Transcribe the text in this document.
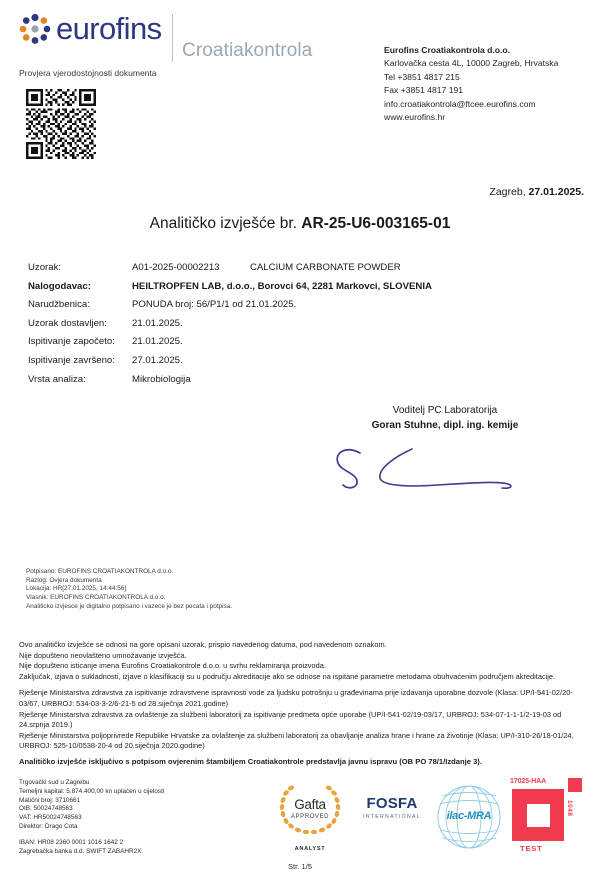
eurofins
Croatiakontrola
Provjera vjerodostojnosti dokumenta
Eurofins Croatiakontrola d.o.o.
Karlovačka cesta 4L, 10000 Zagreb, Hrvatska
Tel +3851 4817 215
Fax +3851 4817 191
info.croatiakontrola@ftcee.eurofins.com
www.eurofins.hr
Zagreb, 27.01.2025.
Analitičko izvješće br. AR-25-U6-003165-01
Uzorak:	A01-2025-00002213	CALCIUM CARBONATE POWDER
Nalogodavac:	HEILTROPFEN LAB, d.o.o., Borovci 64, 2281 Markovci, SLOVENIA
Narudžbenica:	PONUDA broj: 56/P1/1 od 21.01.2025.
Uzorak dostavljen:	21.01.2025.
Ispitivanje započeto:	21.01.2025.
Ispitivanje završeno:	27.01.2025.
Vrsta analiza:	Mikrobiologija
Voditelj PC Laboratorija
Goran Stuhne, dipl. ing. kemije
Potpisano: EUROFINS CROATIAKONTROLA d.o.o.
Razlog: Ovjera dokumenta
Lokacija: HR[27.01.2025, 14:44:56]
Vlasnik: EUROFINS CROATIAKONTROLA d.o.o.
Analiticko izvjesce je digitalno potpisano i vazece je bez pecata i potpisa.

Ovo analitičko izvješće se odnosi na gore opisani uzorak, prispio navedenog datuma, pod navedenom oznakom.

Nije dopušteno neovlašteno umnožavanje izvješća.

Nije dopušteno isticanje imena Eurofins Croatiakontrole d.o.o. u svrhu reklamiranja proizvoda.

Zaključak, izjava o sukladnosti, izjave o klasifikaciji su u području akreditacije ako se odnose na ispitane parametre metodama obuhvaćenim područjem akreditacije.

Rješenje Ministarstva zdravstva za ispitivanje zdravstvene ispravnosti vode za ljudsku potrošnju u građevinama prije izdavanja uporabne dozvole (Klasa: UP/I-541-02/20-03/67, URBROJ: 534-03-3-2/6-21-5 od 28.siječnja 2021.godine)

Rješenje Ministarstva zdravstva za ovlaštenje za službeni laboratorij za ispitivanje predmeta opće uporabe (UP/I-541-02/19-03/17, URBROJ: 534-07-1-1-1/2-19-03 od 24.srpnja 2019.)

Rješenje Ministarstva poljoprivrede Republike Hrvatske za ovlaštenje za službeni laboratorij za obavljanje analiza hrane i hrane za životinje (Klasa: UP/I-310-26/18-01/24, URBROJ: 525-10/0538-20-4 od 20.siječnja 2020.godine)

Analitičko izvješće isključivo s potpisom ovjerenim štambiljem Croatiakontrole predstavlja javnu ispravu (OB PO 78/1/Izdanje 3).

Trgovački sud u Zagrebu
Temeljni kapital: 5.874.400,00 kn uplaćen u cijelosti
Matični broj: 3710661
OIB: 50024748563
VAT: HR50024748563
Direktor: Drago Cota
IBAN: HR08 2360 0001 1016 1642 2
Zagrebačka banka d.d. SWIFT ZABAHR2X
Gafta
APPROVED
ANALYST
FOSFA
INTERNATIONAL	ilac-MRA
17025-HAA
1048
TEST
Str. 1/5
